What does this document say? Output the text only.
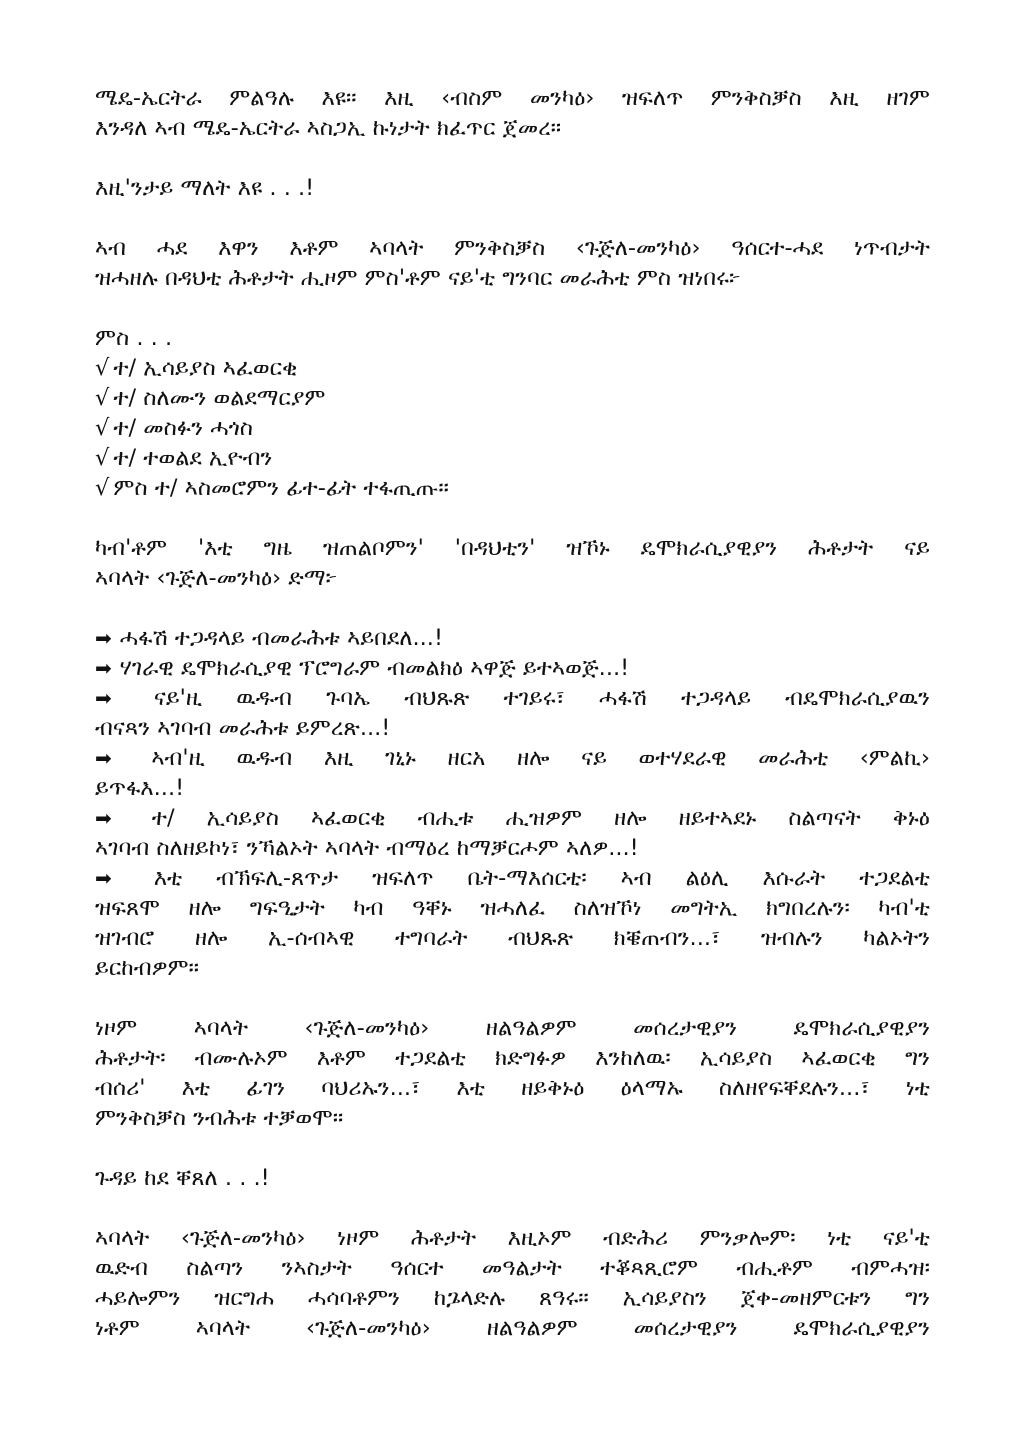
ሜዴ-ኤርትራ ምልዓሉ እዩ። እዚ ‹ብስም መንካዕ› ዝፍለጥ ምንቅስቓስ እዚ ዘገም
እንዳለ ኣብ ሜዴ-ኤርትራ ኣስጋኢ ኩነታት ክፈጥር ጀመረ።
እዚ'ንታይ ማለት እዩ . . .!
ኣብ ሓደ እዋን እቶም ኣባላት ምንቅስቓስ ‹ጉጅለ-መንካዕ› ዓሰርተ-ሓደ ነጥብታት
ዝሓዘሉ በዳህቲ ሕቶታት ሒዞም ምስ'ቶም ናይ'ቲ ግንባር መራሕቲ ምስ ዝነበሩ፦
ምስ . . .
√ ተ/ ኢሳይያስ ኣፈወርቂ
√ ተ/ ስለሙን ወልደማርያም
√ ተ/ መስፉን ሓጎስ
√ ተ/ ተወልደ ኢዮብን
√ ምስ ተ/ ኣስመሮምን ፊተ-ፊት ተፋጢጡ።
ካብ'ቶም 'እቲ ግዜ ዝጠልቦምን' 'በዳህቲን' ዝኾኑ ዴሞክራሲያዊያን ሕቶታት ናይ
ኣባላት ‹ጉጅለ-መንካዕ› ድማ፦
➡ ሓፋሽ ተጋዳላይ ብመራሕቱ ኣይበደለ...!
➡ ሃገራዊ ዴሞክራሲያዊ ፕሮግራም ብመልክዕ ኣዋጅ ይተኣወጅ...!
➡ ናይ'ዚ ዉዱብ ጉባኤ ብህጹጽ ተገይሩ፣ ሓፋሽ ተጋዳላይ ብዴሞክራሲያዉን
ብናጻን ኣገባብ መራሕቱ ይምረጽ...!
➡ ኣብ'ዚ ዉዱብ እዚ ገኒኑ ዘርአ ዘሎ ናይ ወተሃደራዊ መራሕቲ ‹ምልኪ›
ይጥፋእ...!
➡ ተ/ ኢሳይያስ ኣፈወርቂ ብሒቱ ሒዝዎም ዘሎ ዘይተኣደኑ ስልጣናት ቅኑዕ
ኣገባብ ስለዘይኮነ፣ ንኻልኦት ኣባላት ብማዕረ ከማቓርሖም ኣለዎ...!
➡ እቲ ብኽፍሊ-ጸጥታ ዝፍለጥ ቤት-ማእሰርቲ፡ ኣብ ልዕሊ እሱራት ተጋደልቲ
ዝፍጸሞ ዘሎ ግፍዒታት ካብ ዓቐኑ ዝሓለፈ ስለዝኾነ መግትኢ ክግበረሉን፡ ካብ'ቲ
ዝገብሮ ዘሎ ኢ-ሰብኣዊ ተግባራት ብህጹጽ ክቔጠብን...፣ ዝብሉን ካልኦትን
ይርከብዎም።
ነዞም	ኣባላት	‹ጉጅለ-መንካዕ›	ዘልዓልዎም	መሰረታዊያን	ዴሞክራሲያዊያን
ሕቶታት፡ ብሙሉኦም እቶም ተጋደልቲ ክድግፉዎ እንከለዉ፡ ኢሳይያስ ኣፈወርቂ ግን
ብሰሪ' እቲ ፊገን ባህሪኡን...፣ እቲ ዘይቅኑዕ ዕላማኡ ስለዘየፍቐደሉን...፣ ነቲ
ምንቅስቓስ ንብሕቱ ተቓወሞ።
ጉዳይ ከደ ቐጸለ . . .!
ኣባላት ‹ጉጅለ-መንካዕ› ነዞም ሕቶታት እዚኦም ብድሕሪ ምንቃሎም፡ ነቲ ናይ'ቲ
ዉድብ ስልጣን ንኣስታት ዓሰርተ መዓልታት ተቖጻጺሮም ብሒቶም ብምሓዝ፡
ሓይሎምን ዝርግሐ ሓሳባቶምን ከጔላድሉ ጸዓሩ። ኢሳይያስን ጀቀ-መዘምርቱን ግን
ነቶም ኣባላት ‹ጉጅለ-መንካዕ› ዘልዓልዎም መሰረታዊያን ዴሞክራሲያዊያን
